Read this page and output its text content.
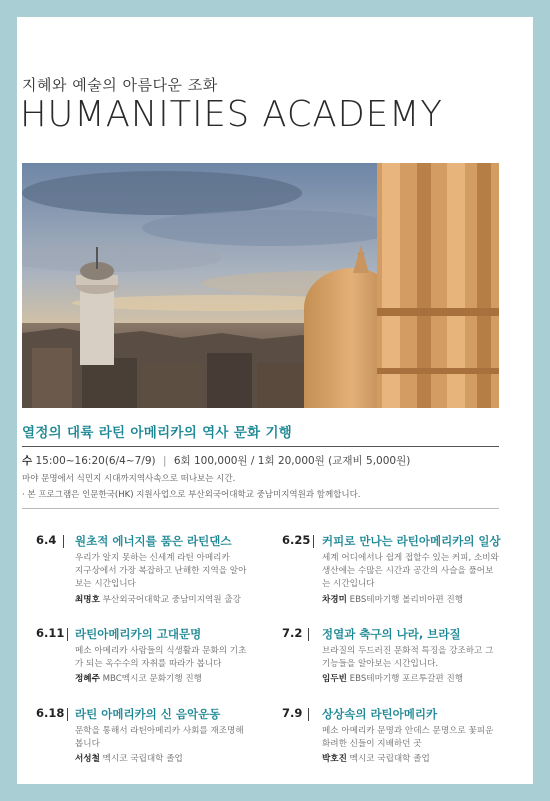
지혜와 예술의 아름다운 조화
HUMANITIES ACADEMY
열정의 대륙 라틴 아메리카의 역사 문화 기행
수 15:00~16:20(6/4~7/9) | 6회 100,000원 / 1회 20,000원 (교재비 5,000원)
마야 문명에서 식민지 시대까지역사속으로 떠나보는 시간.
· 본 프로그램은 인문한국(HK) 지원사업으로 부산외국어대학교 중남미지역원과 함께합니다.
6.4 원초적 에너지를 품은 라틴댄스
우리가 알지 못하는 신세계 라틴 아메리카
지구상에서 가장 복잡하고 난해한 지역을 알아
보는 시간입니다
최명호 부산외국어대학교 중남미지역원 출강
6.25 커피로 만나는 라틴아메리카의 일상
세계 어디에서나 쉽게 접할수 있는 커피, 소비와
생산에는 수많은 시간과 공간의 사슬을 풀어보
는 시간입니다
차경미 EBS테마기행 볼리비아편 진행
6.11 라틴아메리카의 고대문명
메소 아메리카 사람들의 식생활과 문화의 기초
가 되는 옥수수의 자취를 따라가 봅니다
정혜주 MBC멕시코 문화기행 진행
7.2 정열과 축구의 나라, 브라질
브라질의 두드러진 문화적 특징을 강조하고 그
기능들을 알아보는 시간입니다.
임두빈 EBS테마기행 포르투갈편 진행
6.18 라틴 아메리카의 신 음악운동
문학을 통해서 라틴아메리카 사회를 재조명해
봅니다
서성철 멕시코 국립대학 졸업
7.9 상상속의 라틴아메리카
메소 아메리카 문명과 안데스 문명으로 꽃피운
화려한 신들이 지배하던 곳
박호진 멕시코 국립대학 졸업
